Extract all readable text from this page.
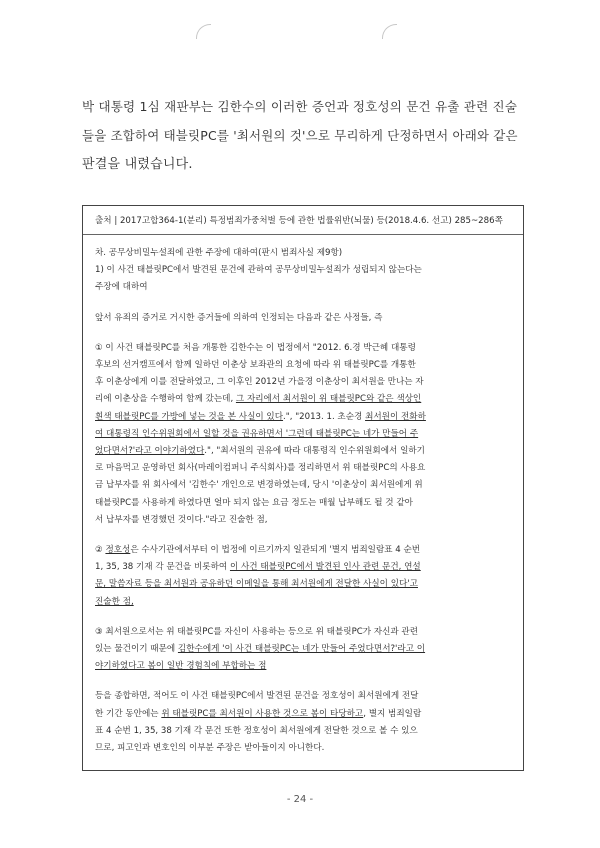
박 대통령 1심 재판부는 김한수의 이러한 증언과 정호성의 문건 유출 관련 진술

들을 조합하여 태블릿PC를 '최서원의 것'으로 무리하게 단정하면서 아래와 같은

판결을 내렸습니다.

출처 | 2017고합364-1(분리) 특정범죄가중처벌 등에 관한 법률위반(뇌물) 등(2018.4.6. 선고) 285~286쪽
차. 공무상비밀누설죄에 관한 주장에 대하여(판시 범죄사실 제9항)
1) 이 사건 태블릿PC에서 발견된 문건에 관하여 공무상비밀누설죄가 성립되지 않는다는
주장에 대하여
앞서 유죄의 증거로 거시한 증거들에 의하여 인정되는 다음과 같은 사정들, 즉
① 이 사건 태블릿PC를 처음 개통한 김한수는 이 법정에서 "2012. 6.경 박근혜 대통령
후보의 선거캠프에서 함께 일하던 이춘상 보좌관의 요청에 따라 위 태블릿PC를 개통한
후 이춘상에게 이를 전달하였고, 그 이후인 2012년 가을경 이춘상이 최서원을 만나는 자
리에 이춘상을 수행하여 함께 갔는데, 그 자리에서 최서원이 위 태블릿PC와 같은 색상인
흰색 태블릿PC를 가방에 넣는 것을 본 사실이 있다.", "2013. 1. 초순경 최서원이 전화하
여 대통령직 인수위원회에서 일할 것을 권유하면서 '그런데 태블릿PC는 네가 만들어 주
었다면서?'라고 이야기하였다.", "최서원의 권유에 따라 대통령직 인수위원회에서 일하기
로 마음먹고 운영하던 회사(마레이컴퍼니 주식회사)를 정리하면서 위 태블릿PC의 사용요
금 납부자를 위 회사에서 '김한수' 개인으로 변경하였는데, 당시 '이춘상이 최서원에게 위
태블릿PC를 사용하게 하였다면 얼마 되지 않는 요금 정도는 매월 납부해도 될 것 같아
서 납부자를 변경했던 것이다."라고 진술한 점,
② 정호성은 수사기관에서부터 이 법정에 이르기까지 일관되게 '별지 범죄일람표 4 순번
1, 35, 38 기재 각 문건을 비롯하여 이 사건 태블릿PC에서 발견된 인사 관련 문건, 연설
문, 말씀자료 등을 최서원과 공유하던 이메일을 통해 최서원에게 전달한 사실이 있다'고
진술한 점,
③ 최서원으로서는 위 태블릿PC를 자신이 사용하는 등으로 위 태블릿PC가 자신과 관련
있는 물건이기 때문에 김한수에게 '이 사건 태블릿PC는 네가 만들어 주었다면서?'라고 이
야기하였다고 봄이 일반 경험칙에 부합하는 점
등을 종합하면, 적어도 이 사건 태블릿PC에서 발견된 문건을 정호성이 최서원에게 전달
한 기간 동안에는 위 태블릿PC를 최서원이 사용한 것으로 봄이 타당하고, 별지 범죄일람
표 4 순번 1, 35, 38 기재 각 문건 또한 정호성이 최서원에게 전달한 것으로 볼 수 있으
므로, 피고인과 변호인의 이부분 주장은 받아들이지 아니한다.
- 24 -
